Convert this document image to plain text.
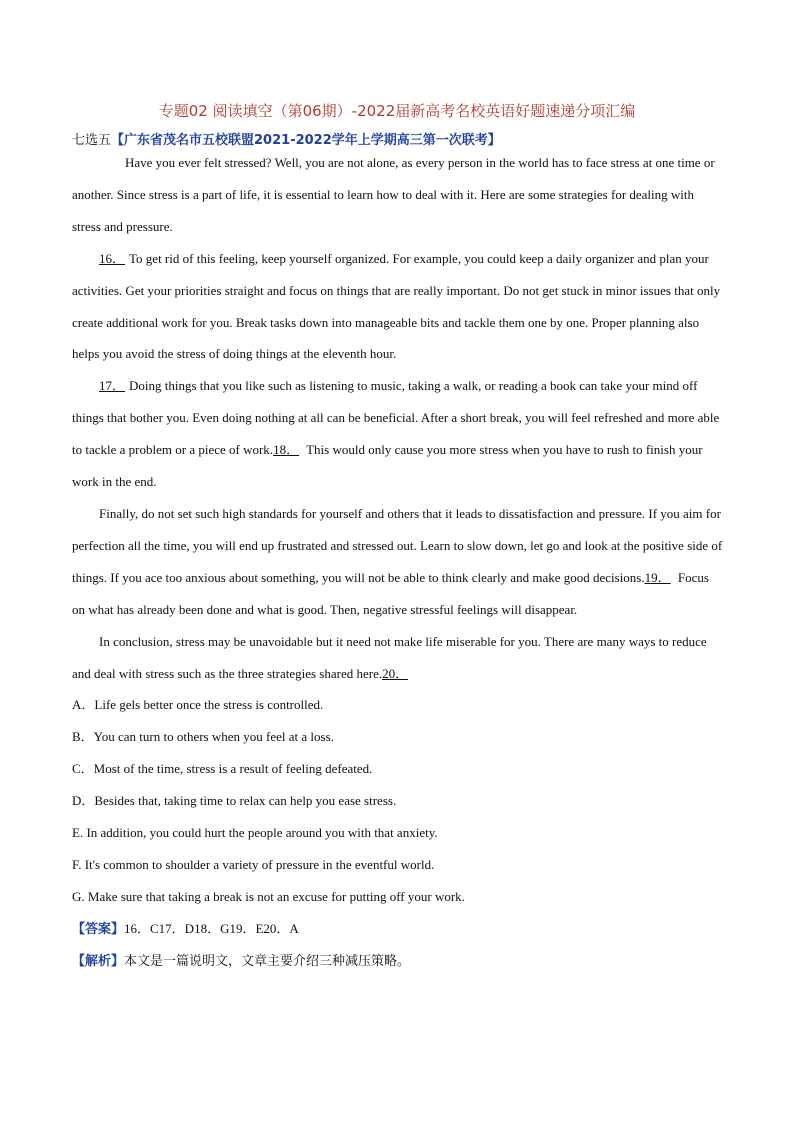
专题02 阅读填空（第06期）-2022届新高考名校英语好题速递分项汇编
七选五【广东省茂名市五校联盟2021-2022学年上学期高三第一次联考】

Have you ever felt stressed? Well, you are not alone, as every person in the world has to face stress at one time or another. Since stress is a part of life, it is essential to learn how to deal with it. Here are some strategies for dealing with stress and pressure.

16． To get rid of this feeling, keep yourself organized. For example, you could keep a daily organizer and plan your activities. Get your priorities straight and focus on things that are really important. Do not get stuck in minor issues that only create additional work for you. Break tasks down into manageable bits and tackle them one by one. Proper planning also helps you avoid the stress of doing things at the eleventh hour.

17． Doing things that you like such as listening to music, taking a walk, or reading a book can take your mind off things that bother you. Even doing nothing at all can be beneficial. After a short break, you will feel refreshed and more able to tackle a problem or a piece of work.18． This would only cause you more stress when you have to rush to finish your work in the end.

Finally, do not set such high standards for yourself and others that it leads to dissatisfaction and pressure. If you aim for perfection all the time, you will end up frustrated and stressed out. Learn to slow down, let go and look at the positive side of things. If you ace too anxious about something, you will not be able to think clearly and make good decisions.19． Focus on what has already been done and what is good. Then, negative stressful feelings will disappear.

In conclusion, stress may be unavoidable but it need not make life miserable for you. There are many ways to reduce and deal with stress such as the three strategies shared here.20．

A．Life gels better once the stress is controlled.
B．You can turn to others when you feel at a loss.
C．Most of the time, stress is a result of feeling defeated.
D．Besides that, taking time to relax can help you ease stress.
E. In addition, you could hurt the people around you with that anxiety.
F. It's common to shoulder a variety of pressure in the eventful world.
G. Make sure that taking a break is not an excuse for putting off your work.

【答案】16．C17．D18．G19．E20．A

【解析】本文是一篇说明文，文章主要介绍三种减压策略。
